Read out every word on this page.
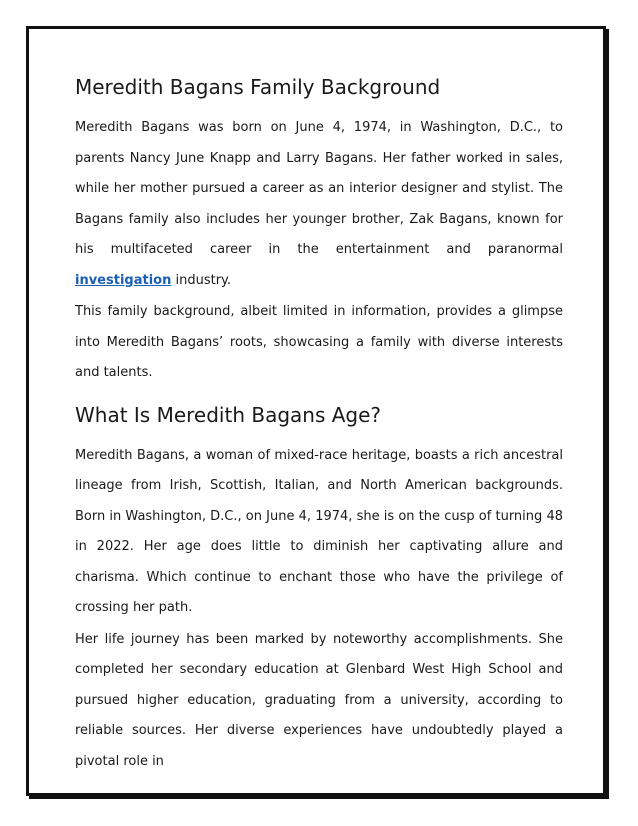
Meredith Bagans Family Background

Meredith Bagans was born on June 4, 1974, in Washington, D.C., to parents Nancy June Knapp and Larry Bagans. Her father worked in sales, while her mother pursued a career as an interior designer and stylist. The Bagans family also includes her younger brother, Zak Bagans, known for his multifaceted career in the entertainment and paranormal investigation industry.

This family background, albeit limited in information, provides a glimpse into Meredith Bagans’ roots, showcasing a family with diverse interests and talents.

What Is Meredith Bagans Age?

Meredith Bagans, a woman of mixed-race heritage, boasts a rich ancestral lineage from Irish, Scottish, Italian, and North American backgrounds. Born in Washington, D.C., on June 4, 1974, she is on the cusp of turning 48 in 2022. Her age does little to diminish her captivating allure and charisma. Which continue to enchant those who have the privilege of crossing her path.

Her life journey has been marked by noteworthy accomplishments. She completed her secondary education at Glenbard West High School and pursued higher education, graduating from a university, according to reliable sources. Her diverse experiences have undoubtedly played a pivotal role in
